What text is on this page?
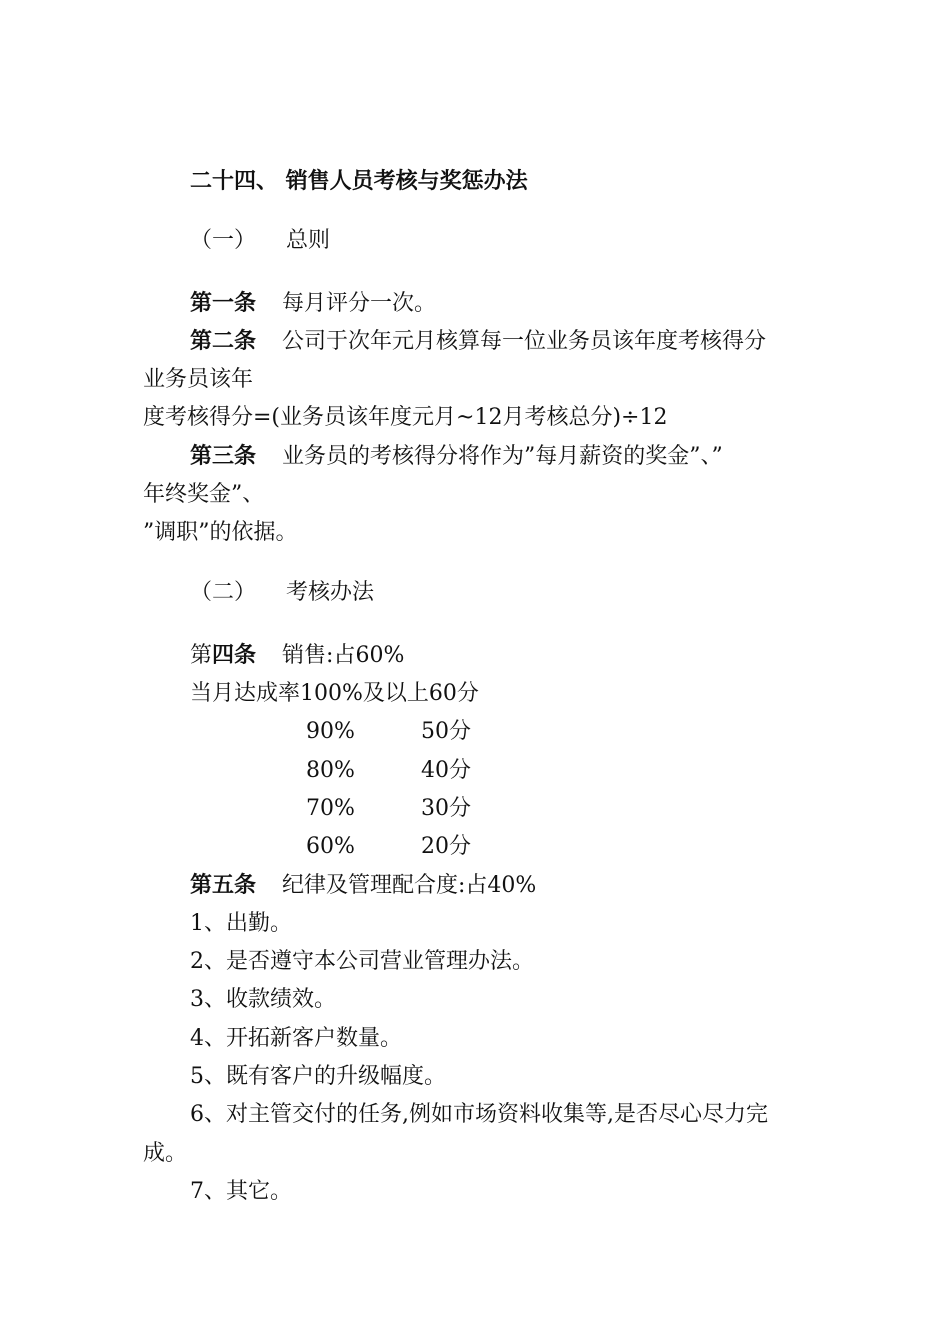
二十四、 销售人员考核与奖惩办法
（一） 总则
第一条 每月评分一次。
第二条 公司于次年元月核算每一位业务员该年度考核得分
业务员该年
度考核得分=(业务员该年度元月~12月考核总分)÷12
第三条 业务员的考核得分将作为”每月薪资的奖金”、”
年终奖金”、
”调职”的依据。
（二） 考核办法
第四条 销售:占60%
当月达成率100%及以上60分
90%	50分
80%	40分
70%	30分
60%	20分
第五条 纪律及管理配合度:占40%
1、出勤。
2、是否遵守本公司营业管理办法。
3、收款绩效。
4、开拓新客户数量。
5、既有客户的升级幅度。
6、对主管交付的任务,例如市场资料收集等,是否尽心尽力完
成。
7、其它。
